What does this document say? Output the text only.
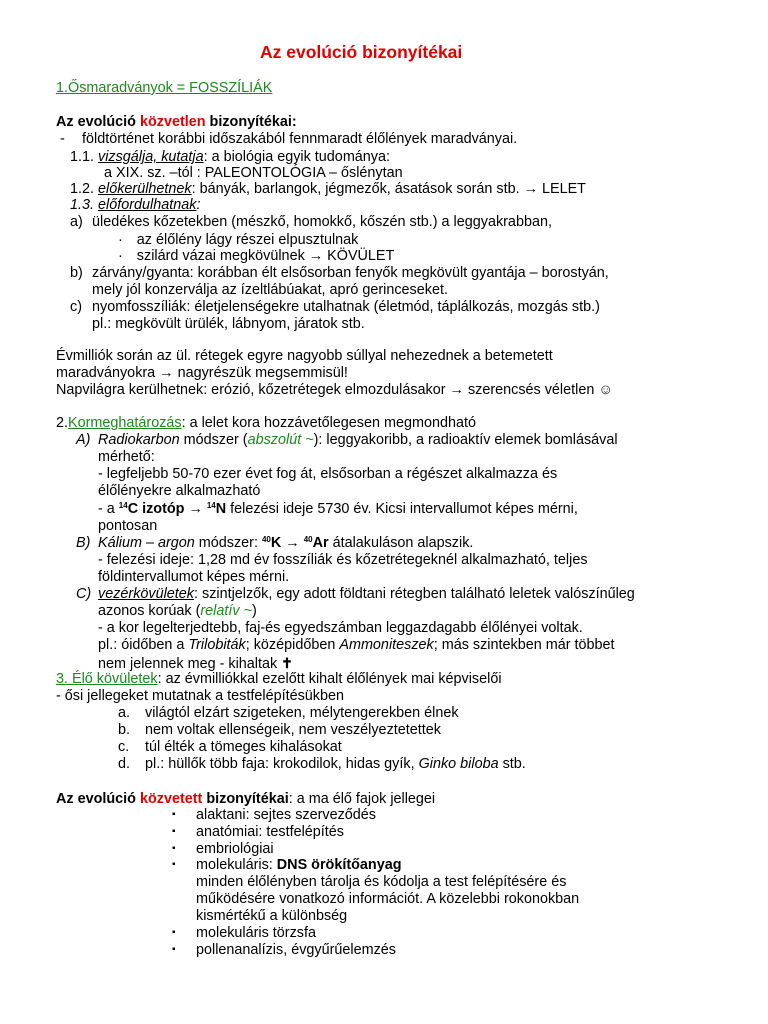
Az evolúció bizonyítékai
1.Ősmaradványok = FOSSZÍLIÁK
Az evolúció közvetlen bizonyítékai:
- földtörténet korábbi időszakából fennmaradt élőlények maradványai.
1.1. vizsgálja, kutatja: a biológia egyik tudománya:
a XIX. sz. –tól : PALEONTOLÓGIA – őslénytan
1.2. előkerülhetnek: bányák, barlangok, jégmezők, ásatások során stb. → LELET
1.3. előfordulhatnak:
a) üledékes kőzetekben (mészkő, homokkő, kőszén stb.) a leggyakrabban,
· az élőlény lágy részei elpusztulnak
· szilárd vázai megkövülnek → KÖVÜLET
b) zárvány/gyanta: korábban élt elsősorban fenyők megkövült gyantája – borostyán,
mely jól konzerválja az ízeltlábúakat, apró gerinceseket.
c) nyomfosszíliák: életjelenségekre utalhatnak (életmód, táplálkozás, mozgás stb.)
pl.: megkövült ürülék, lábnyom, járatok stb.
Évmilliók során az ül. rétegek egyre nagyobb súllyal nehezednek a betemetett
maradványokra → nagyrészük megsemmisül!
Napvilágra kerülhetnek: erózió, kőzetrétegek elmozdulásakor → szerencsés véletlen ☺
2.Kormeghatározás: a lelet kora hozzávetőlegesen megmondható
A) Radiokarbon módszer (abszolút ~): leggyakoribb, a radioaktív elemek bomlásával
mérhető:
- legfeljebb 50-70 ezer évet fog át, elsősorban a régészet alkalmazza és
élőlényekre alkalmazható
- a $^{14}$C izotóp → $^{14}$N felezési ideje 5730 év. Kicsi intervallumot képes mérni,
pontosan
B) Kálium – argon módszer: $^{40}$K → $^{40}$Ar átalakuláson alapszik.
- felezési ideje: 1,28 md év fosszíliák és kőzetrétegeknél alkalmazható, teljes
földintervallumot képes mérni.
C) vezérkövületek: szintjelzők, egy adott földtani rétegben található leletek valószínűleg
azonos korúak (relatív ~)
- a kor legelterjedtebb, faj-és egyedszámban leggazdagabb élőlényei voltak.
pl.: óidőben a Trilobiták; középidőben Ammoniteszek; más szintekben már többet
nem jelennek meg - kihaltak ✝
3. Élő kövületek: az évmilliókkal ezelőtt kihalt élőlények mai képviselői
- ősi jellegeket mutatnak a testfelépítésükben
a. világtól elzárt szigeteken, mélytengerekben élnek
b. nem voltak ellenségeik, nem veszélyeztetettek
c. túl élték a tömeges kihalásokat
d. pl.: hüllők több faja: krokodilok, hidas gyík, Ginko biloba stb.
Az evolúció közvetett bizonyítékai: a ma élő fajok jellegei
▪ alaktani: sejtes szerveződés
▪ anatómiai: testfelépítés
▪ embriológiai
▪ molekuláris: DNS örökítőanyag
minden élőlényben tárolja és kódolja a test felépítésére és
működésére vonatkozó információt. A közelebbi rokonokban
kismértékű a különbség
▪ molekuláris törzsfa
▪ pollenanalízis, évgyűrűelemzés
